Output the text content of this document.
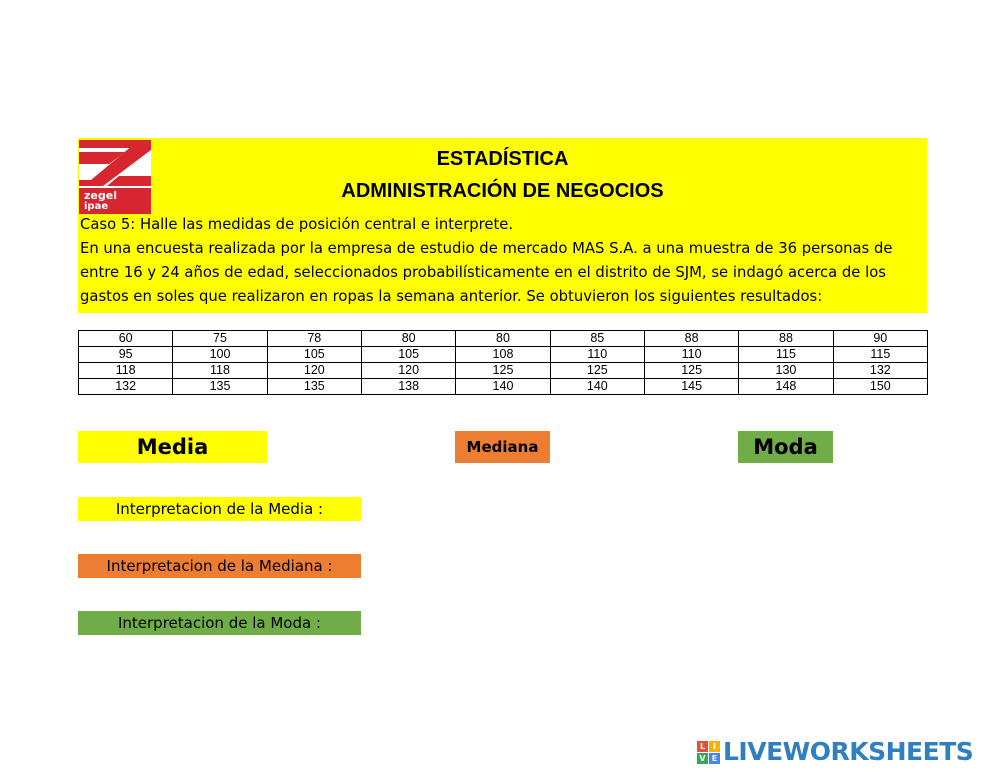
zegel
ipae
ESTADÍSTICA
ADMINISTRACIÓN DE NEGOCIOS
Caso 5: Halle las medidas de posición central e interprete.
En una encuesta realizada por la empresa de estudio de mercado MAS S.A. a una muestra de 36 personas de entre 16 y 24 años de edad, seleccionados probabilísticamente en el distrito de SJM, se indagó acerca de los gastos en soles que realizaron en ropas la semana anterior. Se obtuvieron los siguientes resultados:
60	75	78	80	80	85	88	88	90
95	100	105	105	108	110	110	115	115
118	118	120	120	125	125	125	130	132
132	135	135	138	140	140	145	148	150
Media	Mediana	Moda
Interpretacion de la Media :
Interpretacion de la Mediana :
Interpretacion de la Moda :
L I
V E LIVEWORKSHEETS
